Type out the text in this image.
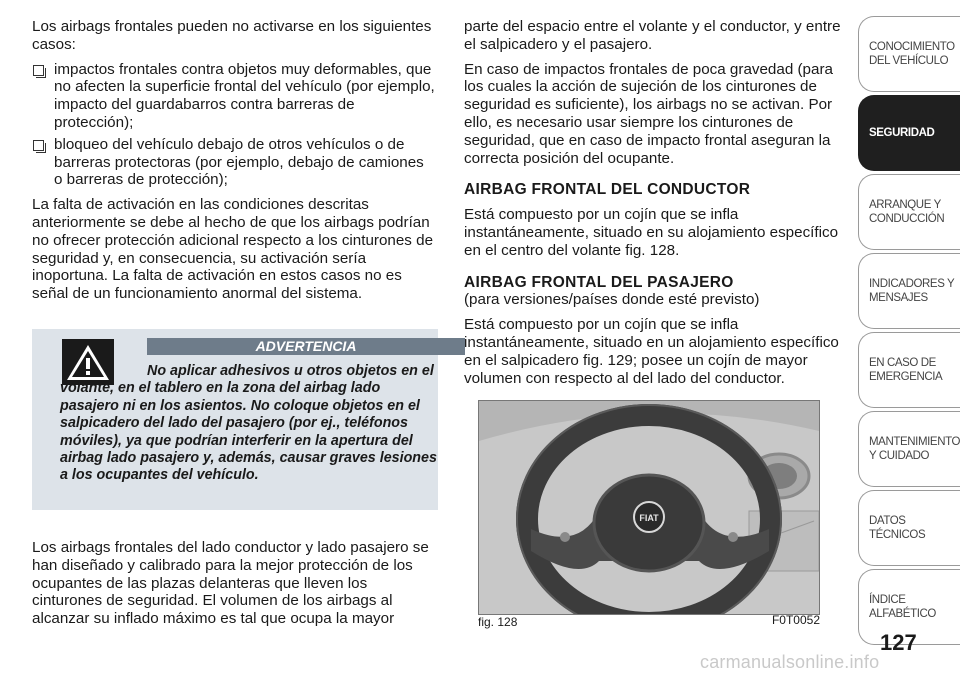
Los airbags frontales pueden no activarse en los siguientes casos:

impactos frontales contra objetos muy deformables, que no afecten la superficie frontal del vehículo (por ejemplo, impacto del guardabarros contra barreras de protección);
bloqueo del vehículo debajo de otros vehículos o de barreras protectoras (por ejemplo, debajo de camiones o barreras de protección);

La falta de activación en las condiciones descritas anteriormente se debe al hecho de que los airbags podrían no ofrecer protección adicional respecto a los cinturones de seguridad y, en consecuencia, su activación sería inoportuna. La falta de activación en estos casos no es señal de un funcionamiento anormal del sistema.

ADVERTENCIA
No aplicar adhesivos u otros objetos en el volante, en el tablero en la zona del airbag lado pasajero ni en los asientos. No coloque objetos en el salpicadero del lado del pasajero (por ej., teléfonos móviles), ya que podrían interferir en la apertura del airbag lado pasajero y, además, causar graves lesiones a los ocupantes del vehículo.

Los airbags frontales del lado conductor y lado pasajero se han diseñado y calibrado para la mejor protección de los ocupantes de las plazas delanteras que lleven los cinturones de seguridad. El volumen de los airbags al alcanzar su inflado máximo es tal que ocupa la mayor

parte del espacio entre el volante y el conductor, y entre el salpicadero y el pasajero.

En caso de impactos frontales de poca gravedad (para los cuales la acción de sujeción de los cinturones de seguridad es suficiente), los airbags no se activan. Por ello, es necesario usar siempre los cinturones de seguridad, que en caso de impacto frontal aseguran la correcta posición del ocupante.

AIRBAG FRONTAL DEL CONDUCTOR

Está compuesto por un cojín que se infla instantáneamente, situado en su alojamiento específico en el centro del volante fig. 128.

AIRBAG FRONTAL DEL PASAJERO

(para versiones/países donde esté previsto)

Está compuesto por un cojín que se infla instantáneamente, situado en un alojamiento específico en el salpicadero fig. 129; posee un cojín de mayor volumen con respecto al del lado del conductor.

FIAT
fig. 128	F0T0052
CONOCIMIENTO DEL VEHÍCULO
SEGURIDAD
ARRANQUE Y CONDUCCIÓN
INDICADORES Y MENSAJES
EN CASO DE EMERGENCIA
MANTENIMIENTO Y CUIDADO
DATOS TÉCNICOS
ÍNDICE ALFABÉTICO
127
carmanualsonline.info
